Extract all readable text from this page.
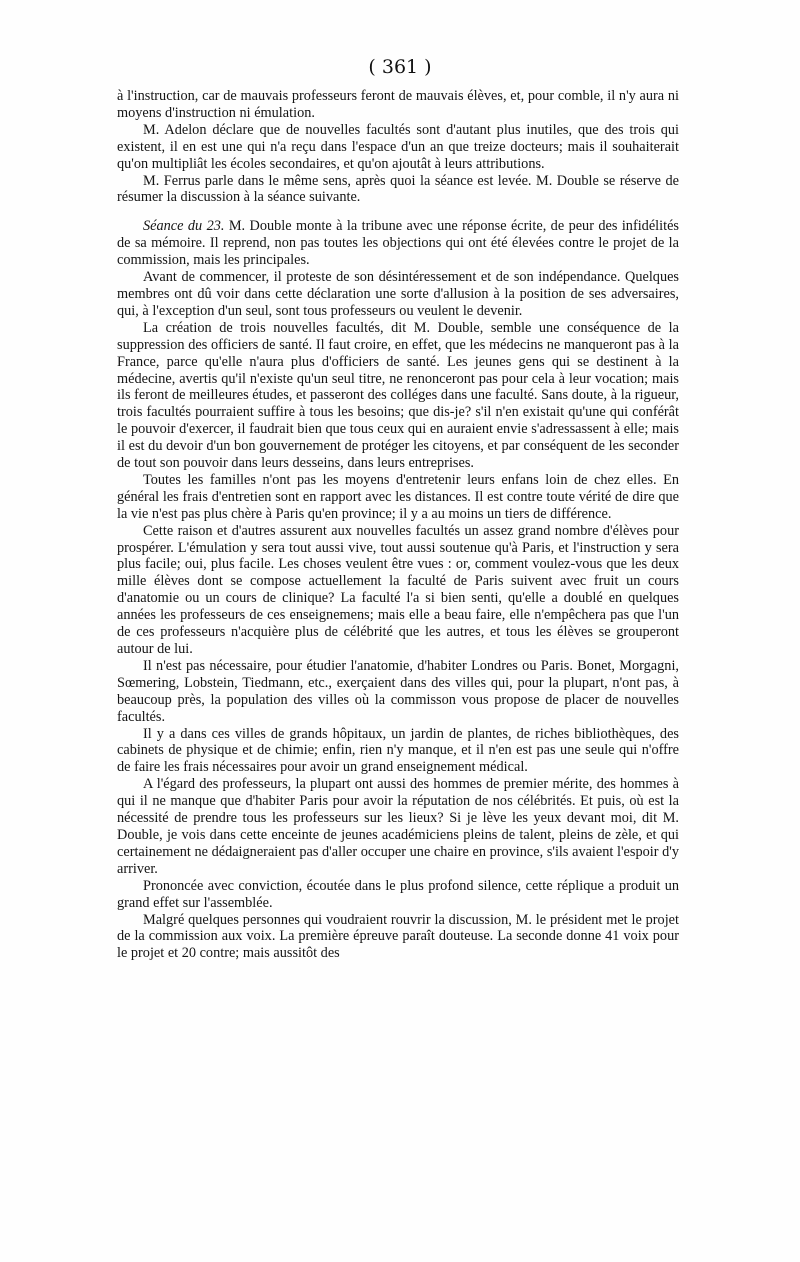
( 361 )

à l'instruction, car de mauvais professeurs feront de mauvais élèves, et, pour comble, il n'y aura ni moyens d'instruction ni émulation.

M. Adelon déclare que de nouvelles facultés sont d'autant plus inutiles, que des trois qui existent, il en est une qui n'a reçu dans l'espace d'un an que treize docteurs; mais il souhaiterait qu'on multipliât les écoles secondaires, et qu'on ajoutât à leurs attributions.

M. Ferrus parle dans le même sens, après quoi la séance est levée. M. Double se réserve de résumer la discussion à la séance suivante.

Séance du 23. M. Double monte à la tribune avec une réponse écrite, de peur des infidélités de sa mémoire. Il reprend, non pas toutes les objections qui ont été élevées contre le projet de la commission, mais les principales.

Avant de commencer, il proteste de son désintéressement et de son indépendance. Quelques membres ont dû voir dans cette déclaration une sorte d'allusion à la position de ses adversaires, qui, à l'exception d'un seul, sont tous professeurs ou veulent le devenir.

La création de trois nouvelles facultés, dit M. Double, semble une conséquence de la suppression des officiers de santé. Il faut croire, en effet, que les médecins ne manqueront pas à la France, parce qu'elle n'aura plus d'officiers de santé. Les jeunes gens qui se destinent à la médecine, avertis qu'il n'existe qu'un seul titre, ne renonceront pas pour cela à leur vocation; mais ils feront de meilleures études, et passeront des colléges dans une faculté. Sans doute, à la rigueur, trois facultés pourraient suffire à tous les besoins; que dis-je? s'il n'en existait qu'une qui conférât le pouvoir d'exercer, il faudrait bien que tous ceux qui en auraient envie s'adressassent à elle; mais il est du devoir d'un bon gouvernement de protéger les citoyens, et par conséquent de les seconder de tout son pouvoir dans leurs desseins, dans leurs entreprises.

Toutes les familles n'ont pas les moyens d'entretenir leurs enfans loin de chez elles. En général les frais d'entretien sont en rapport avec les distances. Il est contre toute vérité de dire que la vie n'est pas plus chère à Paris qu'en province; il y a au moins un tiers de différence.

Cette raison et d'autres assurent aux nouvelles facultés un assez grand nombre d'élèves pour prospérer. L'émulation y sera tout aussi vive, tout aussi soutenue qu'à Paris, et l'instruction y sera plus facile; oui, plus facile. Les choses veulent être vues : or, comment voulez-vous que les deux mille élèves dont se compose actuellement la faculté de Paris suivent avec fruit un cours d'anatomie ou un cours de clinique? La faculté l'a si bien senti, qu'elle a doublé en quelques années les professeurs de ces enseignemens; mais elle a beau faire, elle n'empêchera pas que l'un de ces professeurs n'acquière plus de célébrité que les autres, et tous les élèves se grouperont autour de lui.

Il n'est pas nécessaire, pour étudier l'anatomie, d'habiter Londres ou Paris. Bonet, Morgagni, Sœmering, Lobstein, Tiedmann, etc., exerçaient dans des villes qui, pour la plupart, n'ont pas, à beaucoup près, la population des villes où la commisson vous propose de placer de nouvelles facultés.

Il y a dans ces villes de grands hôpitaux, un jardin de plantes, de riches bibliothèques, des cabinets de physique et de chimie; enfin, rien n'y manque, et il n'en est pas une seule qui n'offre de faire les frais nécessaires pour avoir un grand enseignement médical.

A l'égard des professeurs, la plupart ont aussi des hommes de premier mérite, des hommes à qui il ne manque que d'habiter Paris pour avoir la réputation de nos célébrités. Et puis, où est la nécessité de prendre tous les professeurs sur les lieux? Si je lève les yeux devant moi, dit M. Double, je vois dans cette enceinte de jeunes académiciens pleins de talent, pleins de zèle, et qui certainement ne dédaigneraient pas d'aller occuper une chaire en province, s'ils avaient l'espoir d'y arriver.

Prononcée avec conviction, écoutée dans le plus profond silence, cette réplique a produit un grand effet sur l'assemblée.

Malgré quelques personnes qui voudraient rouvrir la discussion, M. le président met le projet de la commission aux voix. La première épreuve paraît douteuse. La seconde donne 41 voix pour le projet et 20 contre; mais aussitôt des
